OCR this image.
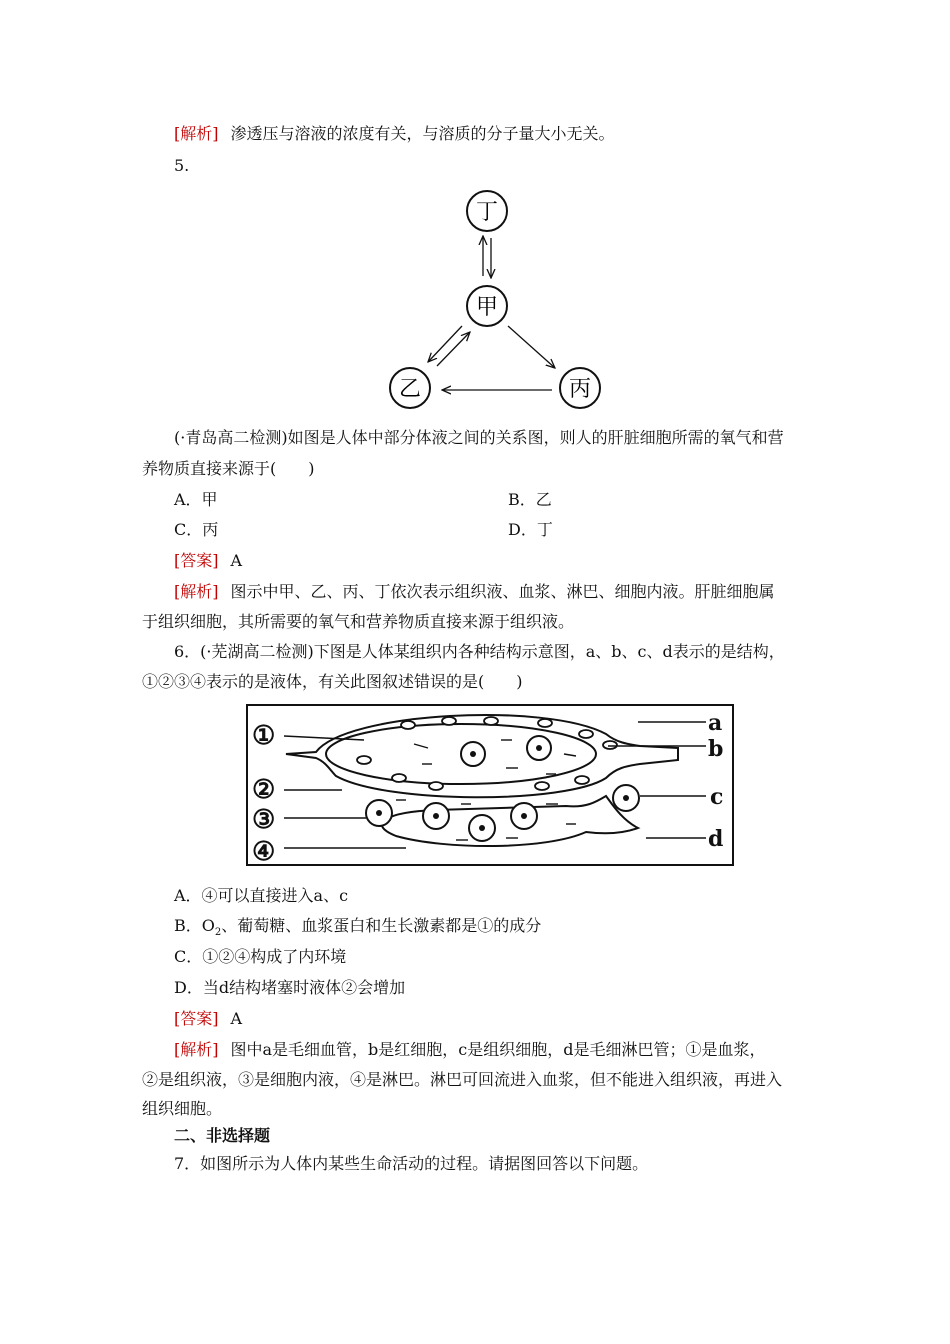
[解析] 渗透压与溶液的浓度有关，与溶质的分子量大小无关。
5.
丁
甲
乙	丙
(·青岛高二检测)如图是人体中部分体液之间的关系图，则人的肝脏细胞所需的氧气和营
养物质直接来源于(　　)
A．甲	B．乙
C．丙	D．丁
[答案] A
[解析] 图示中甲、乙、丙、丁依次表示组织液、血浆、淋巴、细胞内液。肝脏细胞属
于组织细胞，其所需要的氧气和营养物质直接来源于组织液。
6．(·芜湖高二检测)下图是人体某组织内各种结构示意图，a、b、c、d表示的是结构，
①②③④表示的是液体，有关此图叙述错误的是(　　)
①
②
③
④
a
b
c
d
A．④可以直接进入a、c
B．$O_2$、葡萄糖、血浆蛋白和生长激素都是①的成分
C．①②④构成了内环境
D．当d结构堵塞时液体②会增加
[答案] A
[解析] 图中a是毛细血管，b是红细胞，c是组织细胞，d是毛细淋巴管；①是血浆，
②是组织液，③是细胞内液，④是淋巴。淋巴可回流进入血浆，但不能进入组织液，再进入
组织细胞。
二、非选择题
7．如图所示为人体内某些生命活动的过程。请据图回答以下问题。
